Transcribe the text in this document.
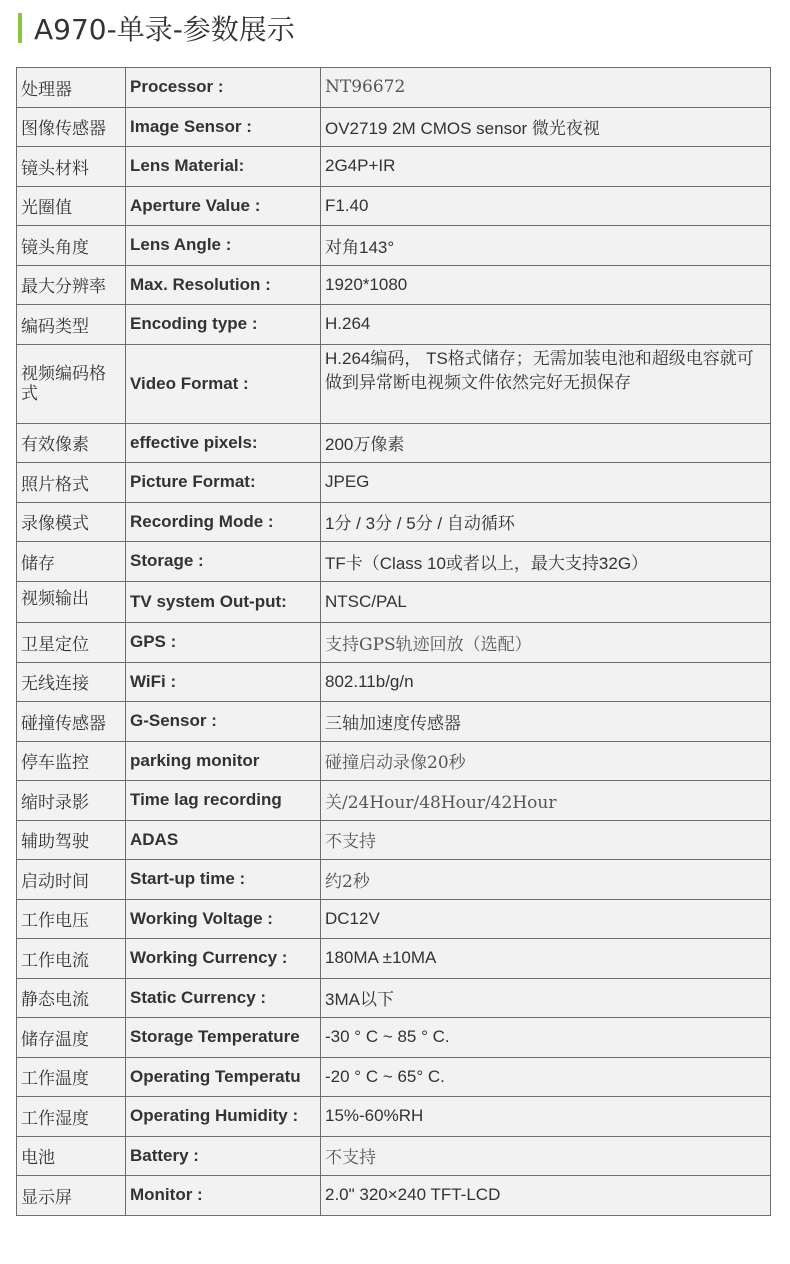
A970-单录-参数展示
处理器	Processor :	NT96672
图像传感器	Image Sensor :	OV2719 2M CMOS sensor 微光夜视
镜头材料	Lens Material:	2G4P+IR
光圈值	Aperture Value :	F1.40
镜头角度	Lens Angle :	对角143°
最大分辨率	Max. Resolution :	1920*1080
编码类型	Encoding type :	H.264
视频编码格式	Video Format :	H.264编码， TS格式储存；无需加装电池和超级电容就可做到异常断电视频文件依然完好无损保存
有效像素	effective pixels:	200万像素
照片格式	Picture Format:	JPEG
录像模式	Recording Mode :	1分 / 3分 / 5分 / 自动循环
储存	Storage :	TF卡（Class 10或者以上，最大支持32G）
视频输出	TV system Out-put:	NTSC/PAL
卫星定位	GPS :	支持GPS轨迹回放（选配）
无线连接	WiFi :	802.11b/g/n
碰撞传感器	G-Sensor :	三轴加速度传感器
停车监控	parking monitor	碰撞启动录像20秒
缩时录影	Time lag recording	关/24Hour/48Hour/42Hour
辅助驾驶	ADAS	不支持
启动时间	Start-up time :	约2秒
工作电压	Working Voltage :	DC12V
工作电流	Working Currency :	180MA ±10MA
静态电流	Static Currency :	3MA以下
储存温度	Storage Temperature	-30 ° C ~ 85 ° C.
工作温度	Operating Temperatu	-20 ° C ~ 65° C.
工作湿度	Operating Humidity :	15%-60%RH
电池	Battery :	不支持
显示屏	Monitor :	2.0" 320×240 TFT-LCD
